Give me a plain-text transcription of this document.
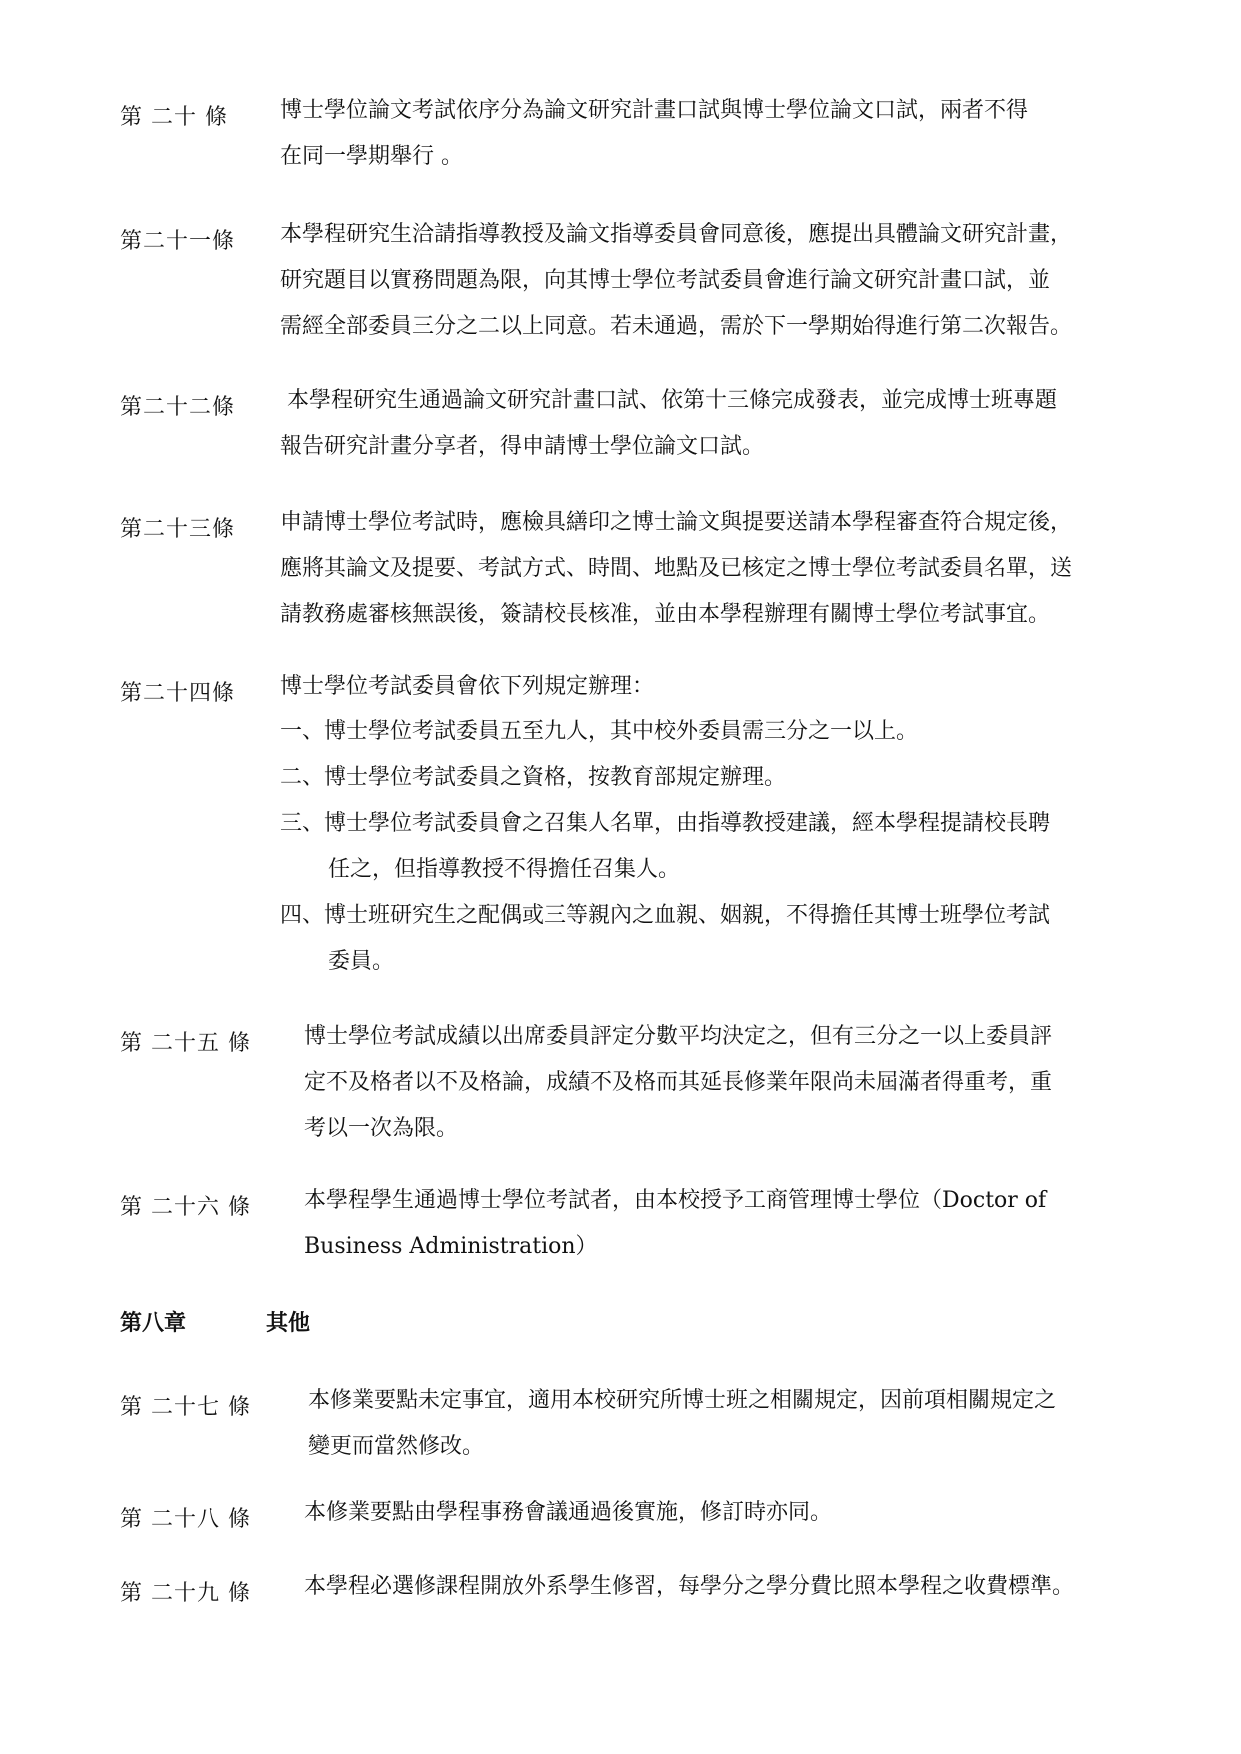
第 二十 條 博士學位論文考試依序分為論文研究計畫口試與博士學位論文口試，兩者不得
在同一學期舉行 。
第二十一條 本學程研究生洽請指導教授及論文指導委員會同意後，應提出具體論文研究計畫，
研究題目以實務問題為限，向其博士學位考試委員會進行論文研究計畫口試，並
需經全部委員三分之二以上同意。若未通過，需於下一學期始得進行第二次報告。
第二十二條 本學程研究生通過論文研究計畫口試、依第十三條完成發表，並完成博士班專題
報告研究計畫分享者，得申請博士學位論文口試。
第二十三條 申請博士學位考試時，應檢具繕印之博士論文與提要送請本學程審查符合規定後，
應將其論文及提要、考試方式、時間、地點及已核定之博士學位考試委員名單，送
請教務處審核無誤後，簽請校長核准，並由本學程辦理有關博士學位考試事宜。
第二十四條 博士學位考試委員會依下列規定辦理：
一、博士學位考試委員五至九人，其中校外委員需三分之一以上。
二、博士學位考試委員之資格，按教育部規定辦理。
三、博士學位考試委員會之召集人名單，由指導教授建議，經本學程提請校長聘
任之，但指導教授不得擔任召集人。
四、博士班研究生之配偶或三等親內之血親、姻親，不得擔任其博士班學位考試
委員。
第 二十五 條 博士學位考試成績以出席委員評定分數平均決定之，但有三分之一以上委員評
定不及格者以不及格論，成績不及格而其延長修業年限尚未屆滿者得重考，重
考以一次為限。
第 二十六 條 本學程學生通過博士學位考試者，由本校授予工商管理博士學位（Doctor of
Business Administration）
第八章	其他
第 二十七 條	本修業要點未定事宜，適用本校研究所博士班之相關規定，因前項相關規定之
變更而當然修改。
第 二十八 條 本修業要點由學程事務會議通過後實施，修訂時亦同。
第 二十九 條 本學程必選修課程開放外系學生修習，每學分之學分費比照本學程之收費標準。
